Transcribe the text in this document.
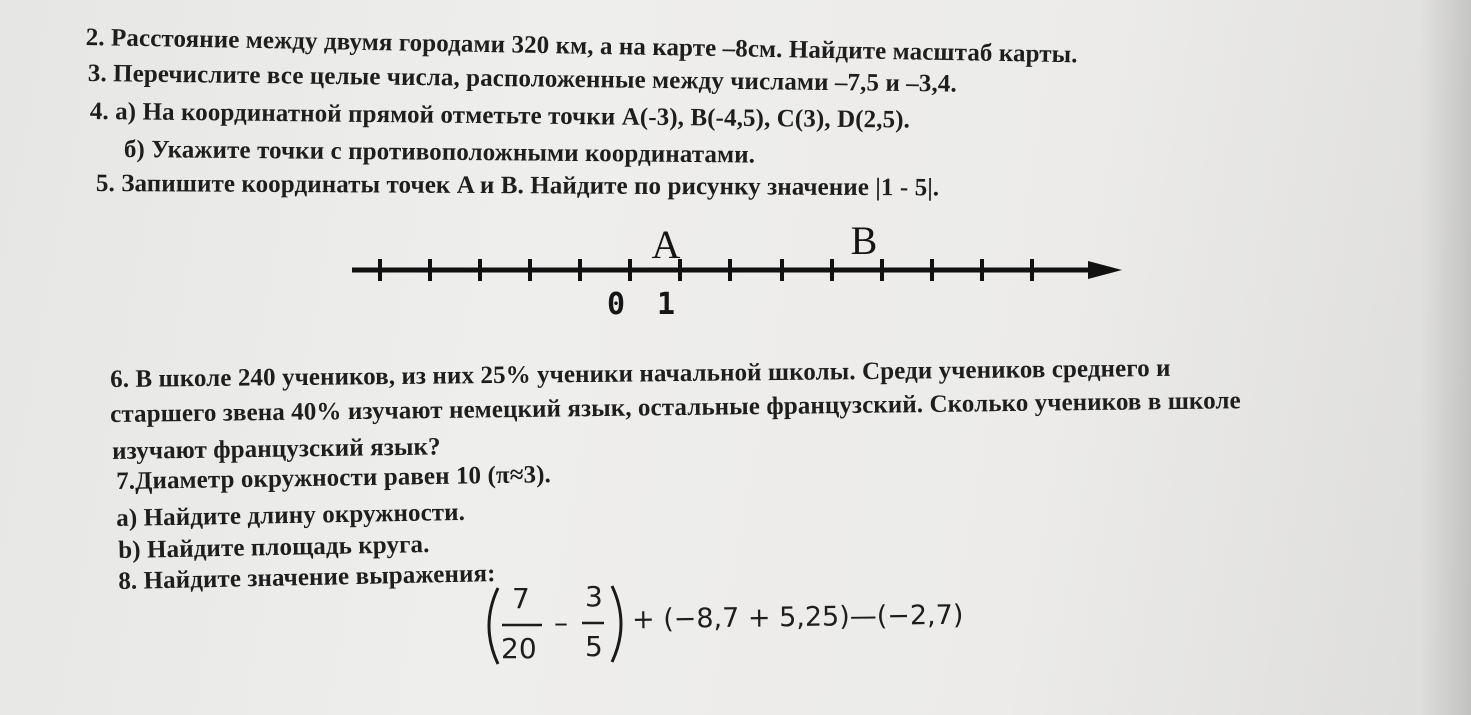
2. Расстояние между двумя городами 320 км, а на карте –8см. Найдите масштаб карты.
3. Перечислите все целые числа, расположенные между числами –7,5 и –3,4.
4. а) На координатной прямой отметьте точки A(-3), B(-4,5), C(3), D(2,5).
б) Укажите точки с противоположными координатами.
5. Запишите координаты точек A и B. Найдите по рисунку значение |1 - 5|.
A	B
0 1
6. В школе 240 учеников, из них 25% ученики начальной школы. Среди учеников среднего и
старшего звена 40% изучают немецкий язык, остальные французский. Сколько учеников в школе
изучают французский язык?
7.Диаметр окружности равен 10 (π≈3).
а) Найдите длину окружности.
b) Найдите площадь круга.
8. Найдите значение выражения:
7
20
–
3
5
+ (−8,7 + 5,25)—(−2,7)
